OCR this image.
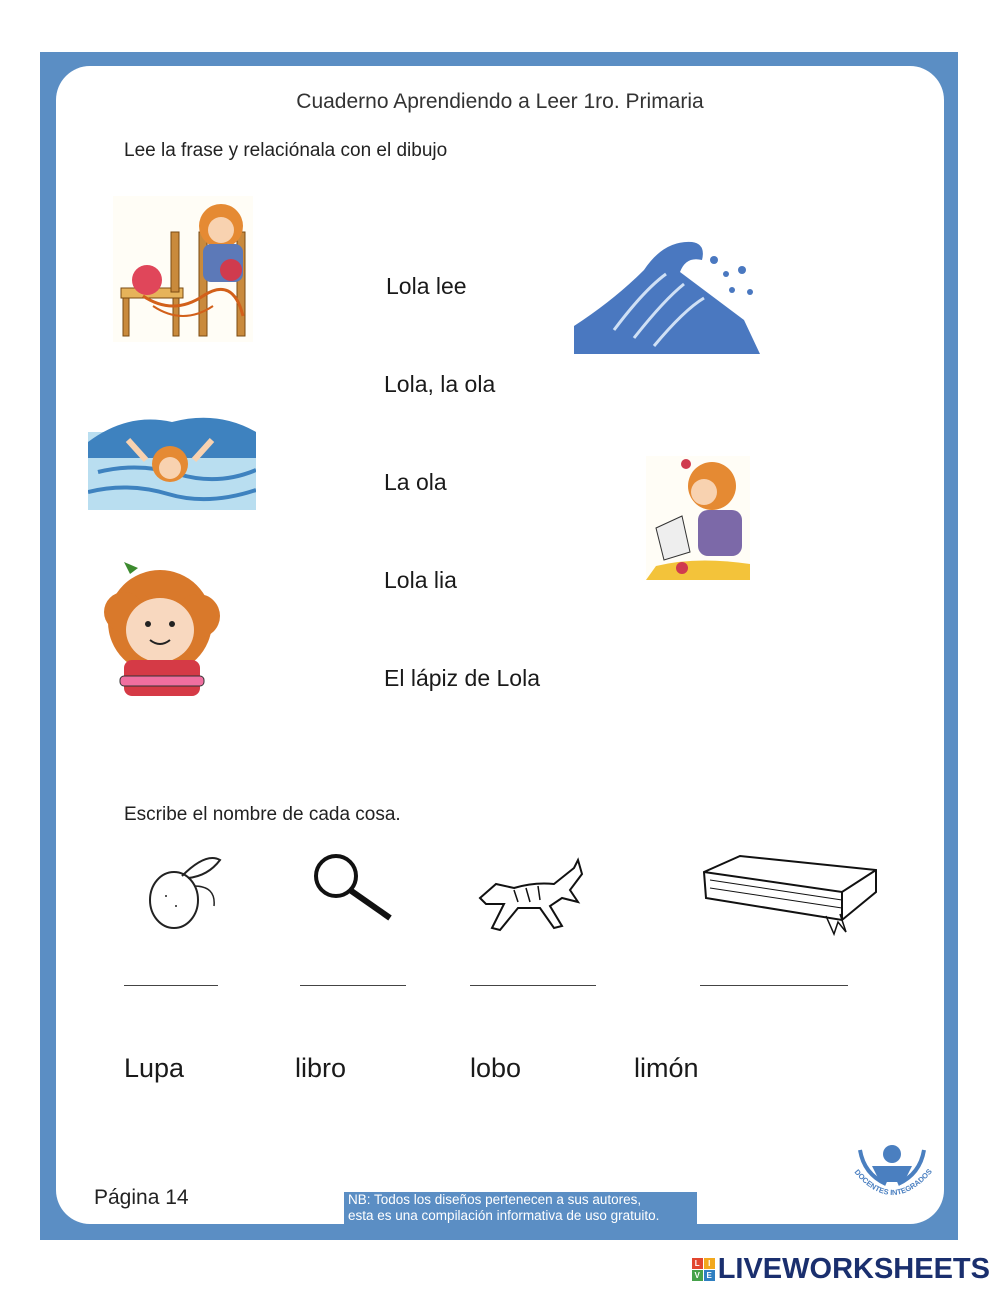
Cuaderno Aprendiendo a Leer 1ro. Primaria
Lee la frase y relaciónala con el dibujo
Lola lee
Lola, la ola
La ola
Lola lia
El lápiz de Lola
Escribe el nombre de cada cosa.
Lupa	libro	lobo	limón
DOCENTES INTEGRADOS
Página 14	NB: Todos los diseños pertenecen a sus autores,
esta es una compilación informativa de uso gratuito.
L	I
V E LIVEWORKSHEETS
